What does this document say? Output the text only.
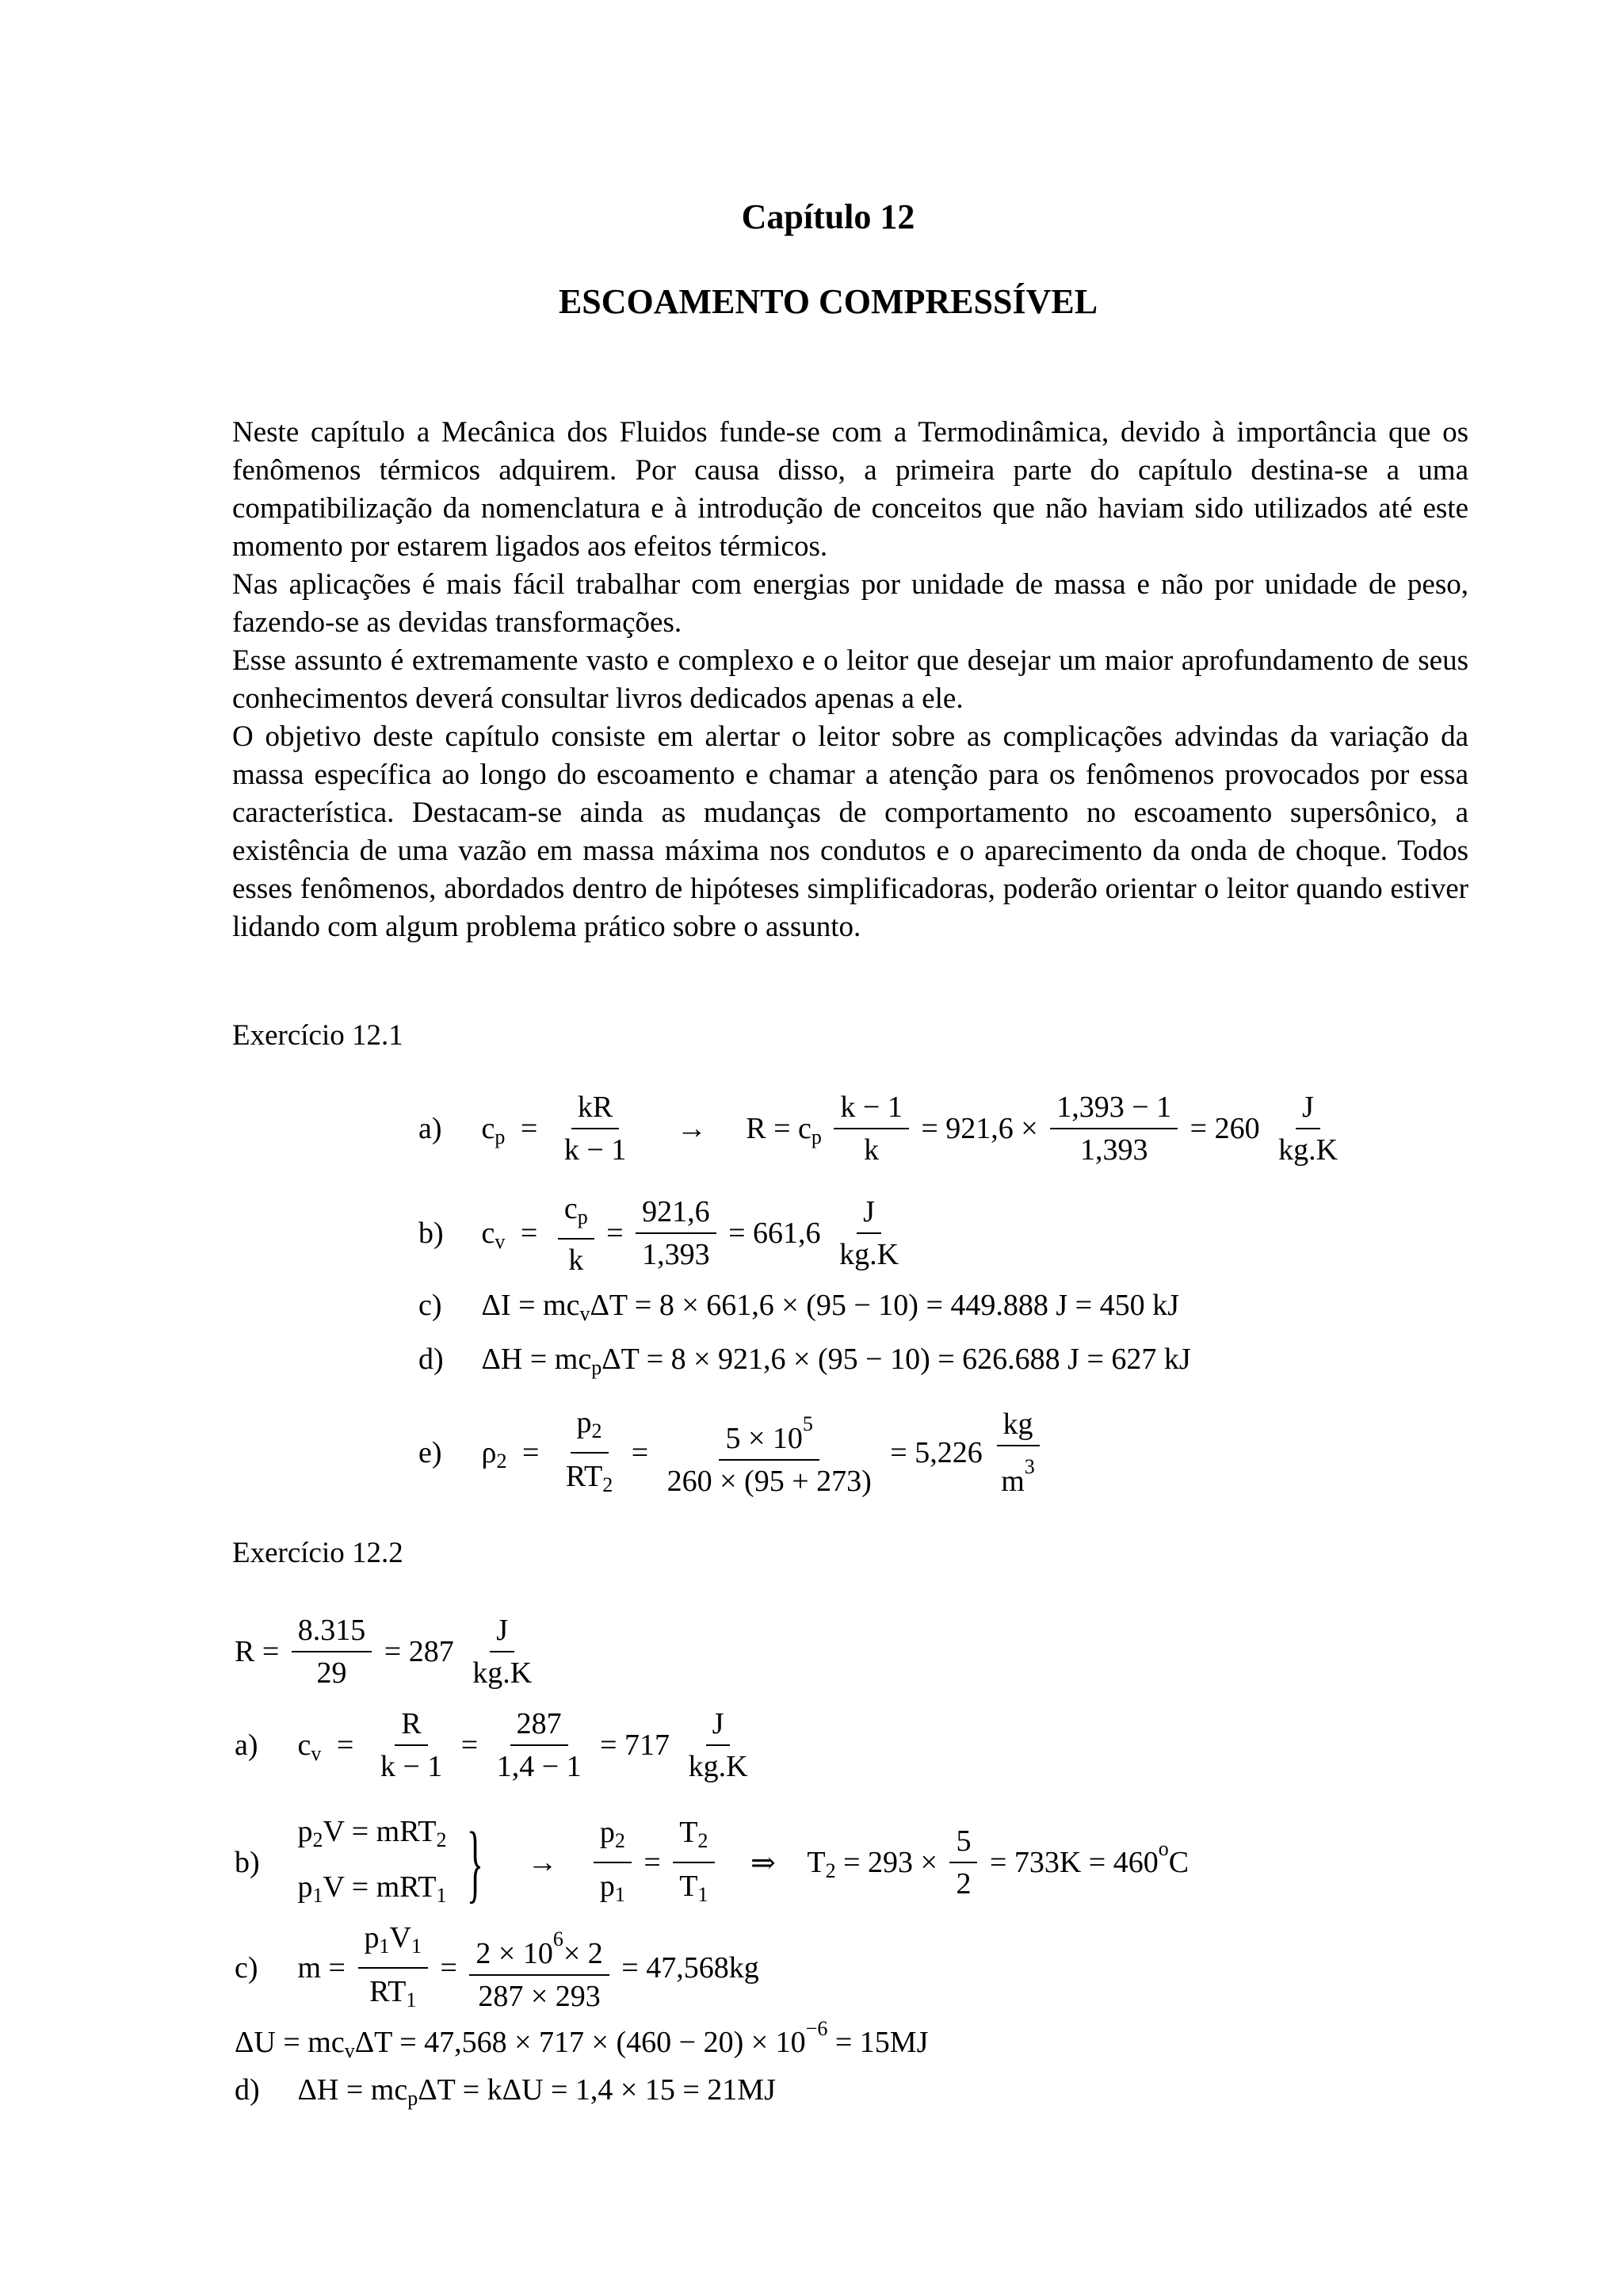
Capítulo 12
ESCOAMENTO COMPRESSÍVEL

Neste capítulo a Mecânica dos Fluidos funde-se com a Termodinâmica, devido à importância que os fenômenos térmicos adquirem. Por causa disso, a primeira parte do capítulo destina-se a uma compatibilização da nomenclatura e à introdução de conceitos que não haviam sido utilizados até este momento por estarem ligados aos efeitos térmicos.

Nas aplicações é mais fácil trabalhar com energias por unidade de massa e não por unidade de peso, fazendo-se as devidas transformações.

Esse assunto é extremamente vasto e complexo e o leitor que desejar um maior aprofundamento de seus conhecimentos deverá consultar livros dedicados apenas a ele.

O objetivo deste capítulo consiste em alertar o leitor sobre as complicações advindas da variação da massa específica ao longo do escoamento e chamar a atenção para os fenômenos provocados por essa característica. Destacam-se ainda as mudanças de comportamento no escoamento supersônico, a existência de uma vazão em massa máxima nos condutos e o aparecimento da onda de choque. Todos esses fenômenos, abordados dentro de hipóteses simplificadoras, poderão orientar o leitor quando estiver lidando com algum problema prático sobre o assunto.

Exercício 12.1
a) cp = $\frac{kR}{k - 1} \to R$ = cp $\frac{k - 1}{k} = 921,6 \times \frac{1,393 - 1}{1,393} = 260 \frac{J}{kg.K}$
b) cv = $\frac{cp}{k} = \frac{921,6}{1,393} = 661,6 \frac{J}{kg.K}$
c) ΔI = mcvΔT = 8 × 661,6 × (95 − 10) = 449.888 J = 450 kJ
d) ΔH = mcpΔT = 8 × 921,6 × (95 − 10) = 626.688 J = 627 kJ
e) $\rho 2 = \frac{p2}{RT2} = \frac{5 \times 105}{260 \times (95 + 273)} = 5,226 \frac{kg}{m3}$
Exercício 12.2
$R = \frac{8.315}{29} = 287 \frac{J}{kg.K}$
a) cv = $\frac{R}{k - 1} = \frac{287}{1,4 - 1} = 717 \frac{J}{kg.K}$
b)
p2V = mRT2
p1V = mRT1 } → $\frac{p2}{p1} = \frac{T2}{T1}$ ⇒ $T2 = 293 \times \frac{5}{2} = 733K = 460oC$
c) $m = \frac{p1V1}{RT1} = \frac{2 \times 106\times 2}{287 \times 293} = 47,568kg$
ΔU = mcvΔT = 47,568 × 717 × (460 − 20) × 10−6 = 15MJ
d) ΔH = mcpΔT = kΔU = 1,4 × 15 = 21MJ
